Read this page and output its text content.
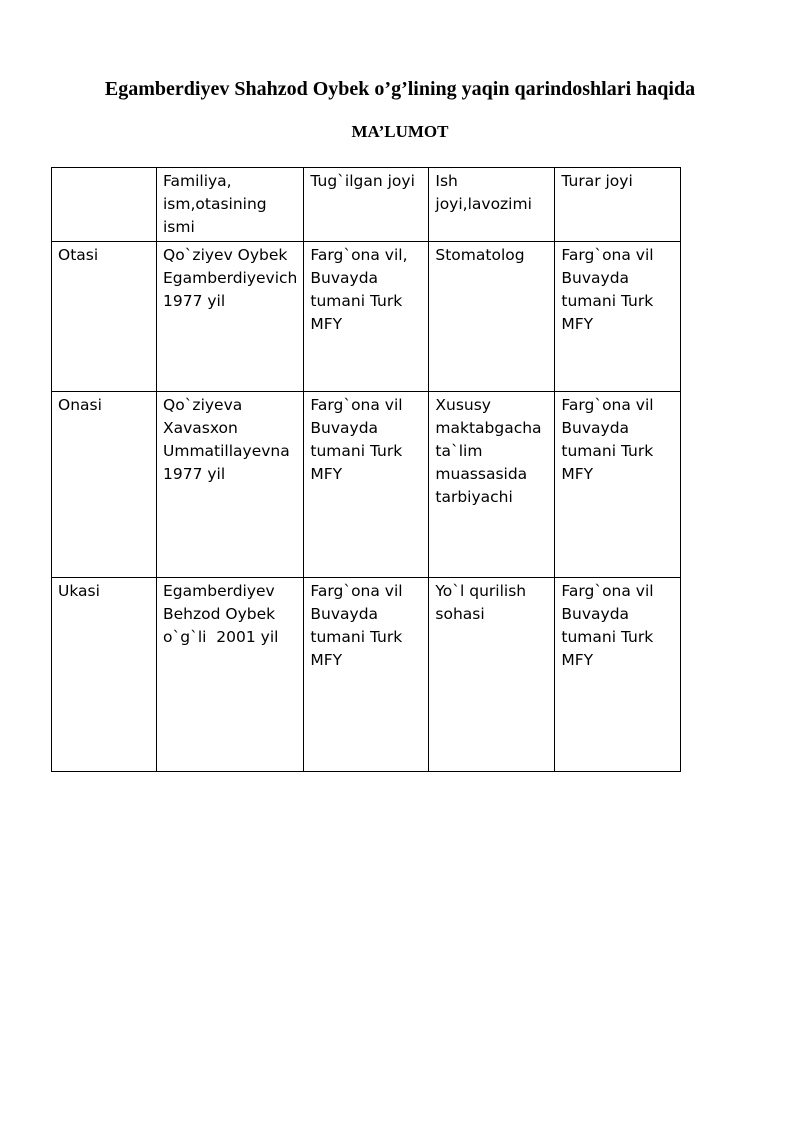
Egamberdiyev Shahzod Oybek o’g’lining yaqin qarindoshlari haqida
MA’LUMOT

	Familiya,
ism,otasining
ismi	Tug`ilgan joyi	Ish
joyi,lavozimi	Turar joyi

Otasi	Qo`ziyev Oybek
Egamberdiyevich
1977 yil	Farg`ona vil,
Buvayda
tumani Turk
MFY	Stomatolog	Farg`ona vil
Buvayda
tumani Turk
MFY

Onasi	Qo`ziyeva
Xavasxon
Ummatillayevna
1977 yil	Farg`ona vil
Buvayda
tumani Turk
MFY	Xususy
maktabgacha
ta`lim
muassasida
tarbiyachi	Farg`ona vil
Buvayda
tumani Turk
MFY

Ukasi	Egamberdiyev
Behzod Oybek
o`g`li  2001 yil	Farg`ona vil
Buvayda
tumani Turk
MFY	Yo`l qurilish
sohasi	Farg`ona vil
Buvayda
tumani Turk
MFY
